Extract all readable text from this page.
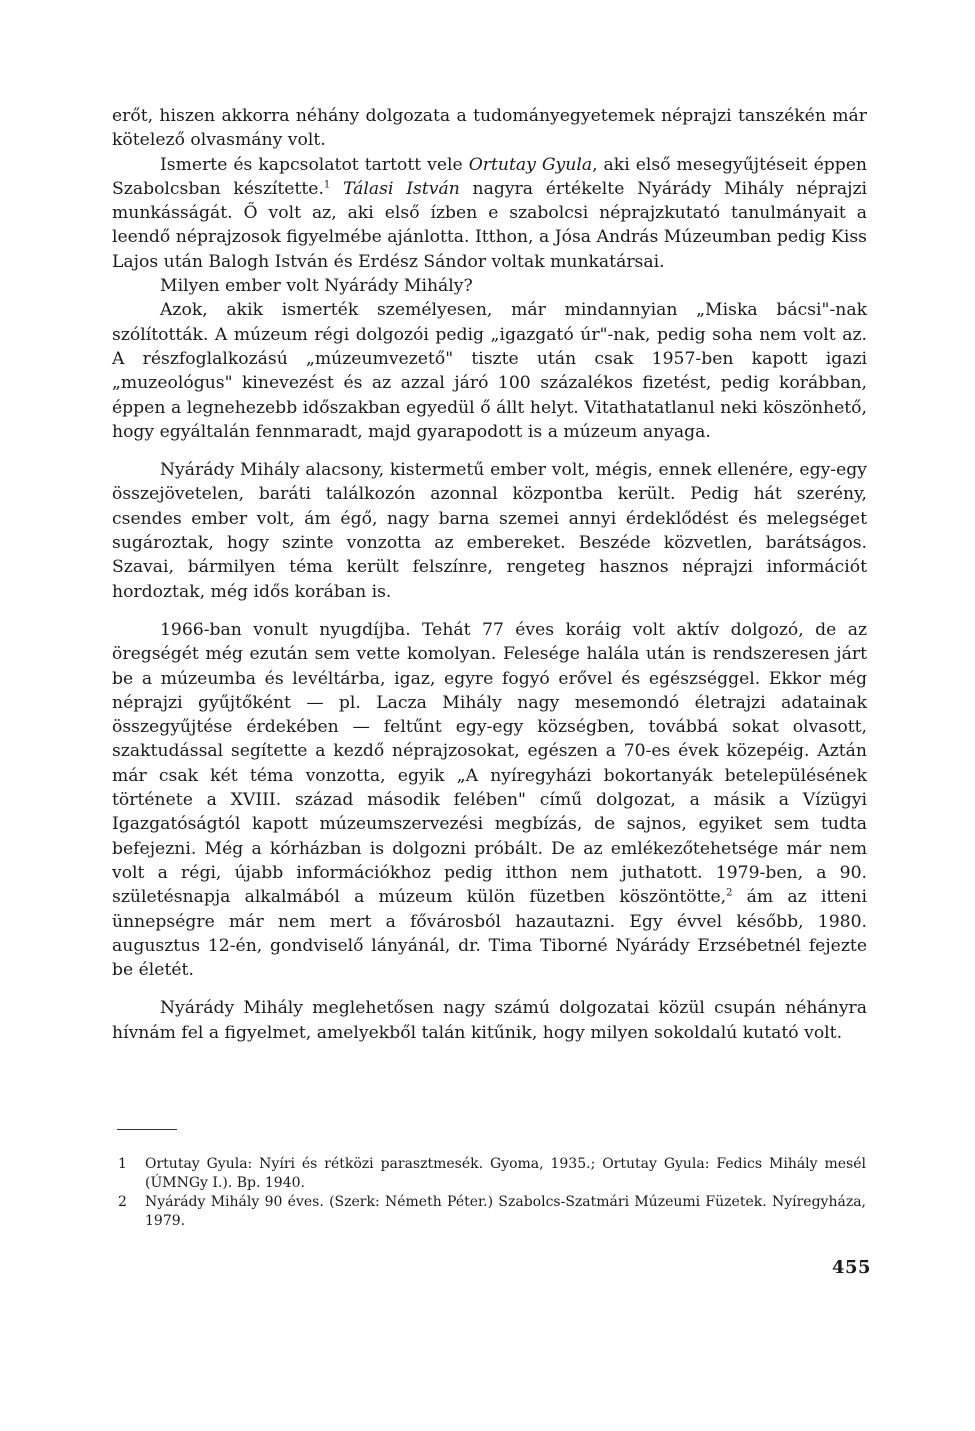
erőt, hiszen akkorra néhány dolgozata a tudományegyetemek néprajzi tanszékén már kötelező olvasmány volt.

Ismerte és kapcsolatot tartott vele Ortutay Gyula, aki első mesegyűjtéseit éppen Szabolcsban készítette.$^1$ Tálasi István nagyra értékelte Nyárády Mihály néprajzi munkásságát. Ő volt az, aki első ízben e szabolcsi néprajzkutató tanulmányait a leendő néprajzosok figyelmébe ajánlotta. Itthon, a Jósa András Múzeumban pedig Kiss Lajos után Balogh István és Erdész Sándor voltak munkatársai.

Milyen ember volt Nyárády Mihály?

Azok, akik ismerték személyesen, már mindannyian „Miska bácsi"-nak szólították. A múzeum régi dolgozói pedig „igazgató úr"-nak, pedig soha nem volt az. A részfoglalkozású „múzeumvezető" tiszte után csak 1957-ben kapott igazi „muzeológus" kinevezést és az azzal járó 100 százalékos fizetést, pedig korábban, éppen a legnehezebb időszakban egyedül ő állt helyt. Vitathatatlanul neki köszönhető, hogy egyáltalán fennmaradt, majd gyarapodott is a múzeum anyaga.

Nyárády Mihály alacsony, kistermetű ember volt, mégis, ennek ellenére, egy-egy összejövetelen, baráti találkozón azonnal központba került. Pedig hát szerény, csendes ember volt, ám égő, nagy barna szemei annyi érdeklődést és melegséget sugároztak, hogy szinte vonzotta az embereket. Beszéde közvetlen, barátságos. Szavai, bármilyen téma került felszínre, rengeteg hasznos néprajzi információt hordoztak, még idős korában is.

1966-ban vonult nyugdíjba. Tehát 77 éves koráig volt aktív dolgozó, de az öregségét még ezután sem vette komolyan. Felesége halála után is rendszeresen járt be a múzeumba és levéltárba, igaz, egyre fogyó erővel és egészséggel. Ekkor még néprajzi gyűjtőként — pl. Lacza Mihály nagy mesemondó életrajzi adatainak összegyűjtése érdekében — feltűnt egy-egy községben, továbbá sokat olvasott, szaktudással segítette a kezdő néprajzosokat, egészen a 70-es évek közepéig. Aztán már csak két téma vonzotta, egyik „A nyíregyházi bokortanyák betelepülésének története a XVIII. század második felében" című dolgozat, a másik a Vízügyi Igazgatóságtól kapott múzeumszervezési megbízás, de sajnos, egyiket sem tudta befejezni. Még a kórházban is dolgozni próbált. De az emlékezőtehetsége már nem volt a régi, újabb információkhoz pedig itthon nem juthatott. 1979-ben, a 90. születésnapja alkalmából a múzeum külön füzetben köszöntötte,$^2$ ám az itteni ünnepségre már nem mert a fővárosból hazautazni. Egy évvel később, 1980. augusztus 12-én, gondviselő lányánál, dr. Tima Tiborné Nyárády Erzsébetnél fejezte be életét.

Nyárády Mihály meglehetősen nagy számú dolgozatai közül csupán néhányra hívnám fel a figyelmet, amelyekből talán kitűnik, hogy milyen sokoldalú kutató volt.

1 Ortutay Gyula: Nyíri és rétközi parasztmesék. Gyoma, 1935.; Ortutay Gyula: Fedics Mihály mesél (ÚMNGy I.). Bp. 1940.

2 Nyárády Mihály 90 éves. (Szerk: Németh Péter.) Szabolcs-Szatmári Múzeumi Füzetek. Nyíregyháza, 1979.

455
